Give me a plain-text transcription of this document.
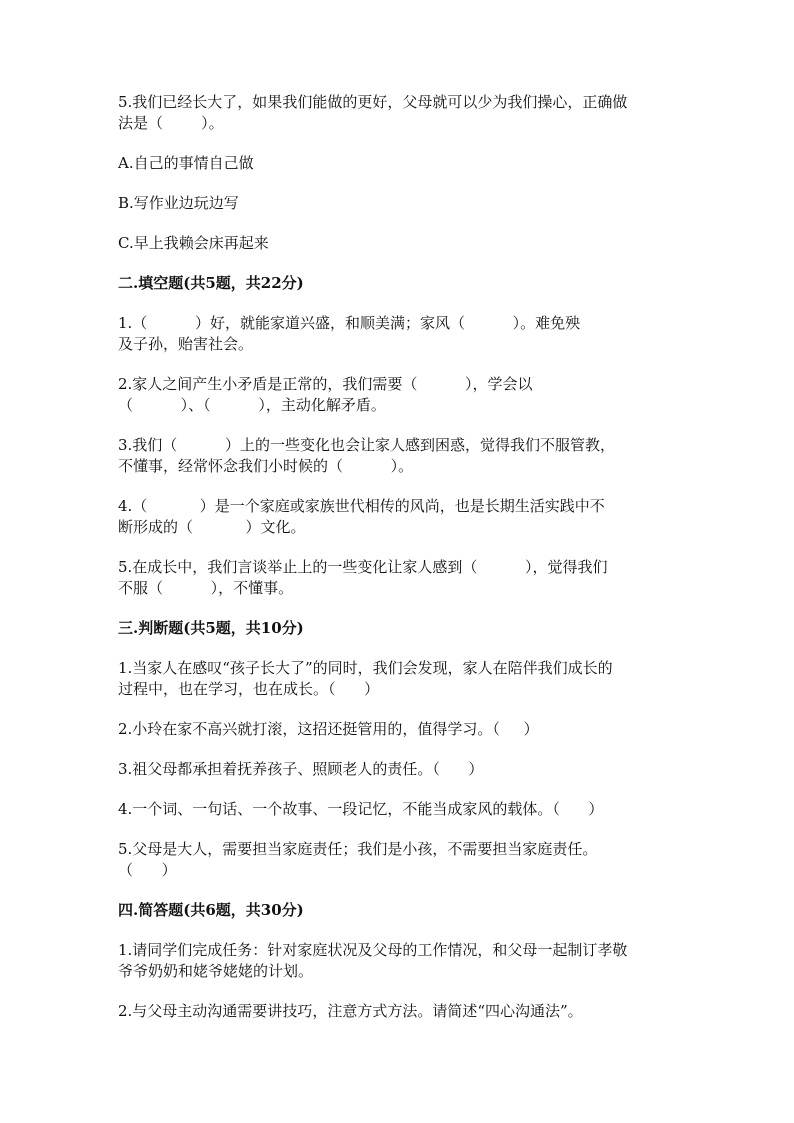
5.我们已经长大了，如果我们能做的更好，父母就可以少为我们操心，正确做

法是（        ）。

A.自己的事情自己做

B.写作业边玩边写

C.早上我赖会床再起来

二.填空题(共5题，共22分)

1.（          ）好，就能家道兴盛，和顺美满；家风（          ）。难免殃

及子孙，贻害社会。

2.家人之间产生小矛盾是正常的，我们需要（          ），学会以

（          ）、（          ），主动化解矛盾。

3.我们（          ）上的一些变化也会让家人感到困惑，觉得我们不服管教，

不懂事，经常怀念我们小时候的（          ）。

4.（           ）是一个家庭或家族世代相传的风尚，也是长期生活实践中不

断形成的（           ）文化。

5.在成长中，我们言谈举止上的一些变化让家人感到（          ），觉得我们

不服（          ），不懂事。

三.判断题(共5题，共10分)

1.当家人在感叹“孩子长大了”的同时，我们会发现，家人在陪伴我们成长的

过程中，也在学习，也在成长。（      ）

2.小玲在家不高兴就打滚，这招还挺管用的，值得学习。（     ）

3.祖父母都承担着抚养孩子、照顾老人的责任。（      ）

4.一个词、一句话、一个故事、一段记忆，不能当成家风的载体。（      ）

5.父母是大人，需要担当家庭责任；我们是小孩，不需要担当家庭责任。

（      ）

四.简答题(共6题，共30分)

1.请同学们完成任务：针对家庭状况及父母的工作情况，和父母一起制订孝敬

爷爷奶奶和姥爷姥姥的计划。

2.与父母主动沟通需要讲技巧，注意方式方法。请简述“四心沟通法”。
